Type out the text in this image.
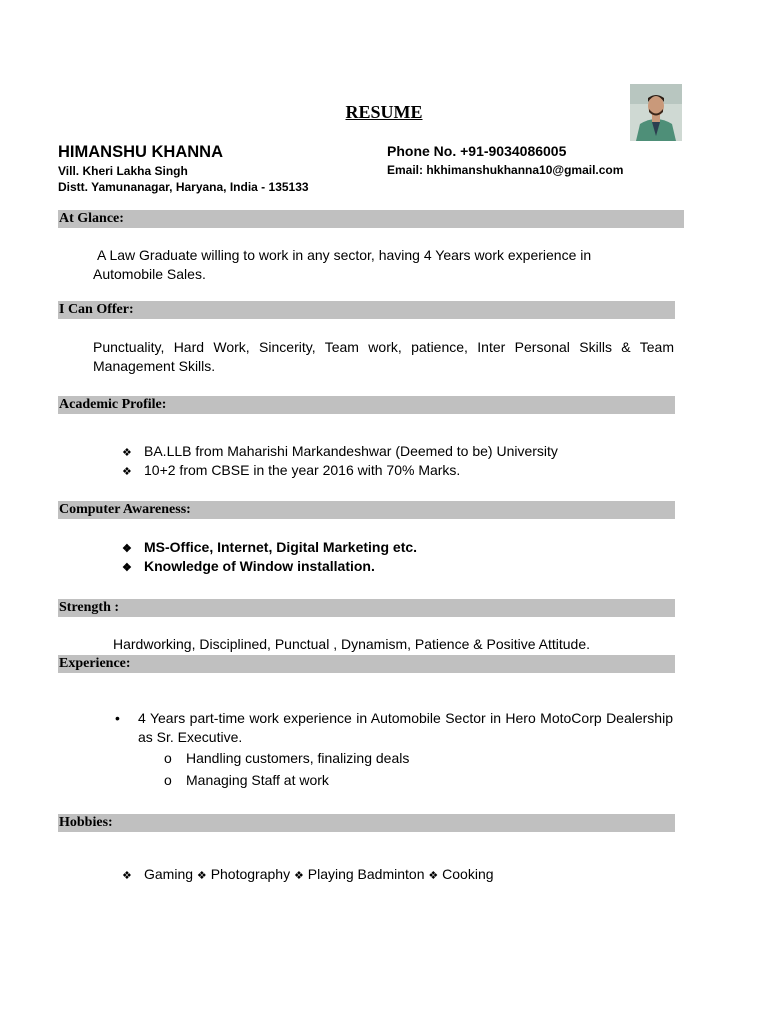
RESUME
HIMANSHU KHANNA
Vill. Kheri Lakha Singh
Distt. Yamunanagar, Haryana, India - 135133
Phone No. +91-9034086005
Email: hkhimanshukhanna10@gmail.com
At Glance:
A Law Graduate willing to work in any sector, having 4 Years work experience in Automobile Sales.
I Can Offer:
Punctuality, Hard Work, Sincerity, Team work, patience, Inter Personal Skills & Team Management Skills.
Academic Profile:
❖ BA.LLB from Maharishi Markandeshwar (Deemed to be) University
❖ 10+2 from CBSE in the year 2016 with 70% Marks.
Computer Awareness:
❖ MS-Office, Internet, Digital Marketing etc.
❖ Knowledge of Window installation.
Strength :
Hardworking, Disciplined, Punctual , Dynamism, Patience & Positive Attitude.
Experience:
• 4 Years part-time work experience in Automobile Sector in Hero MotoCorp Dealership as Sr. Executive.
o Handling customers, finalizing deals
o Managing Staff at work
Hobbies:
❖ Gaming ❖ Photography ❖ Playing Badminton ❖ Cooking
